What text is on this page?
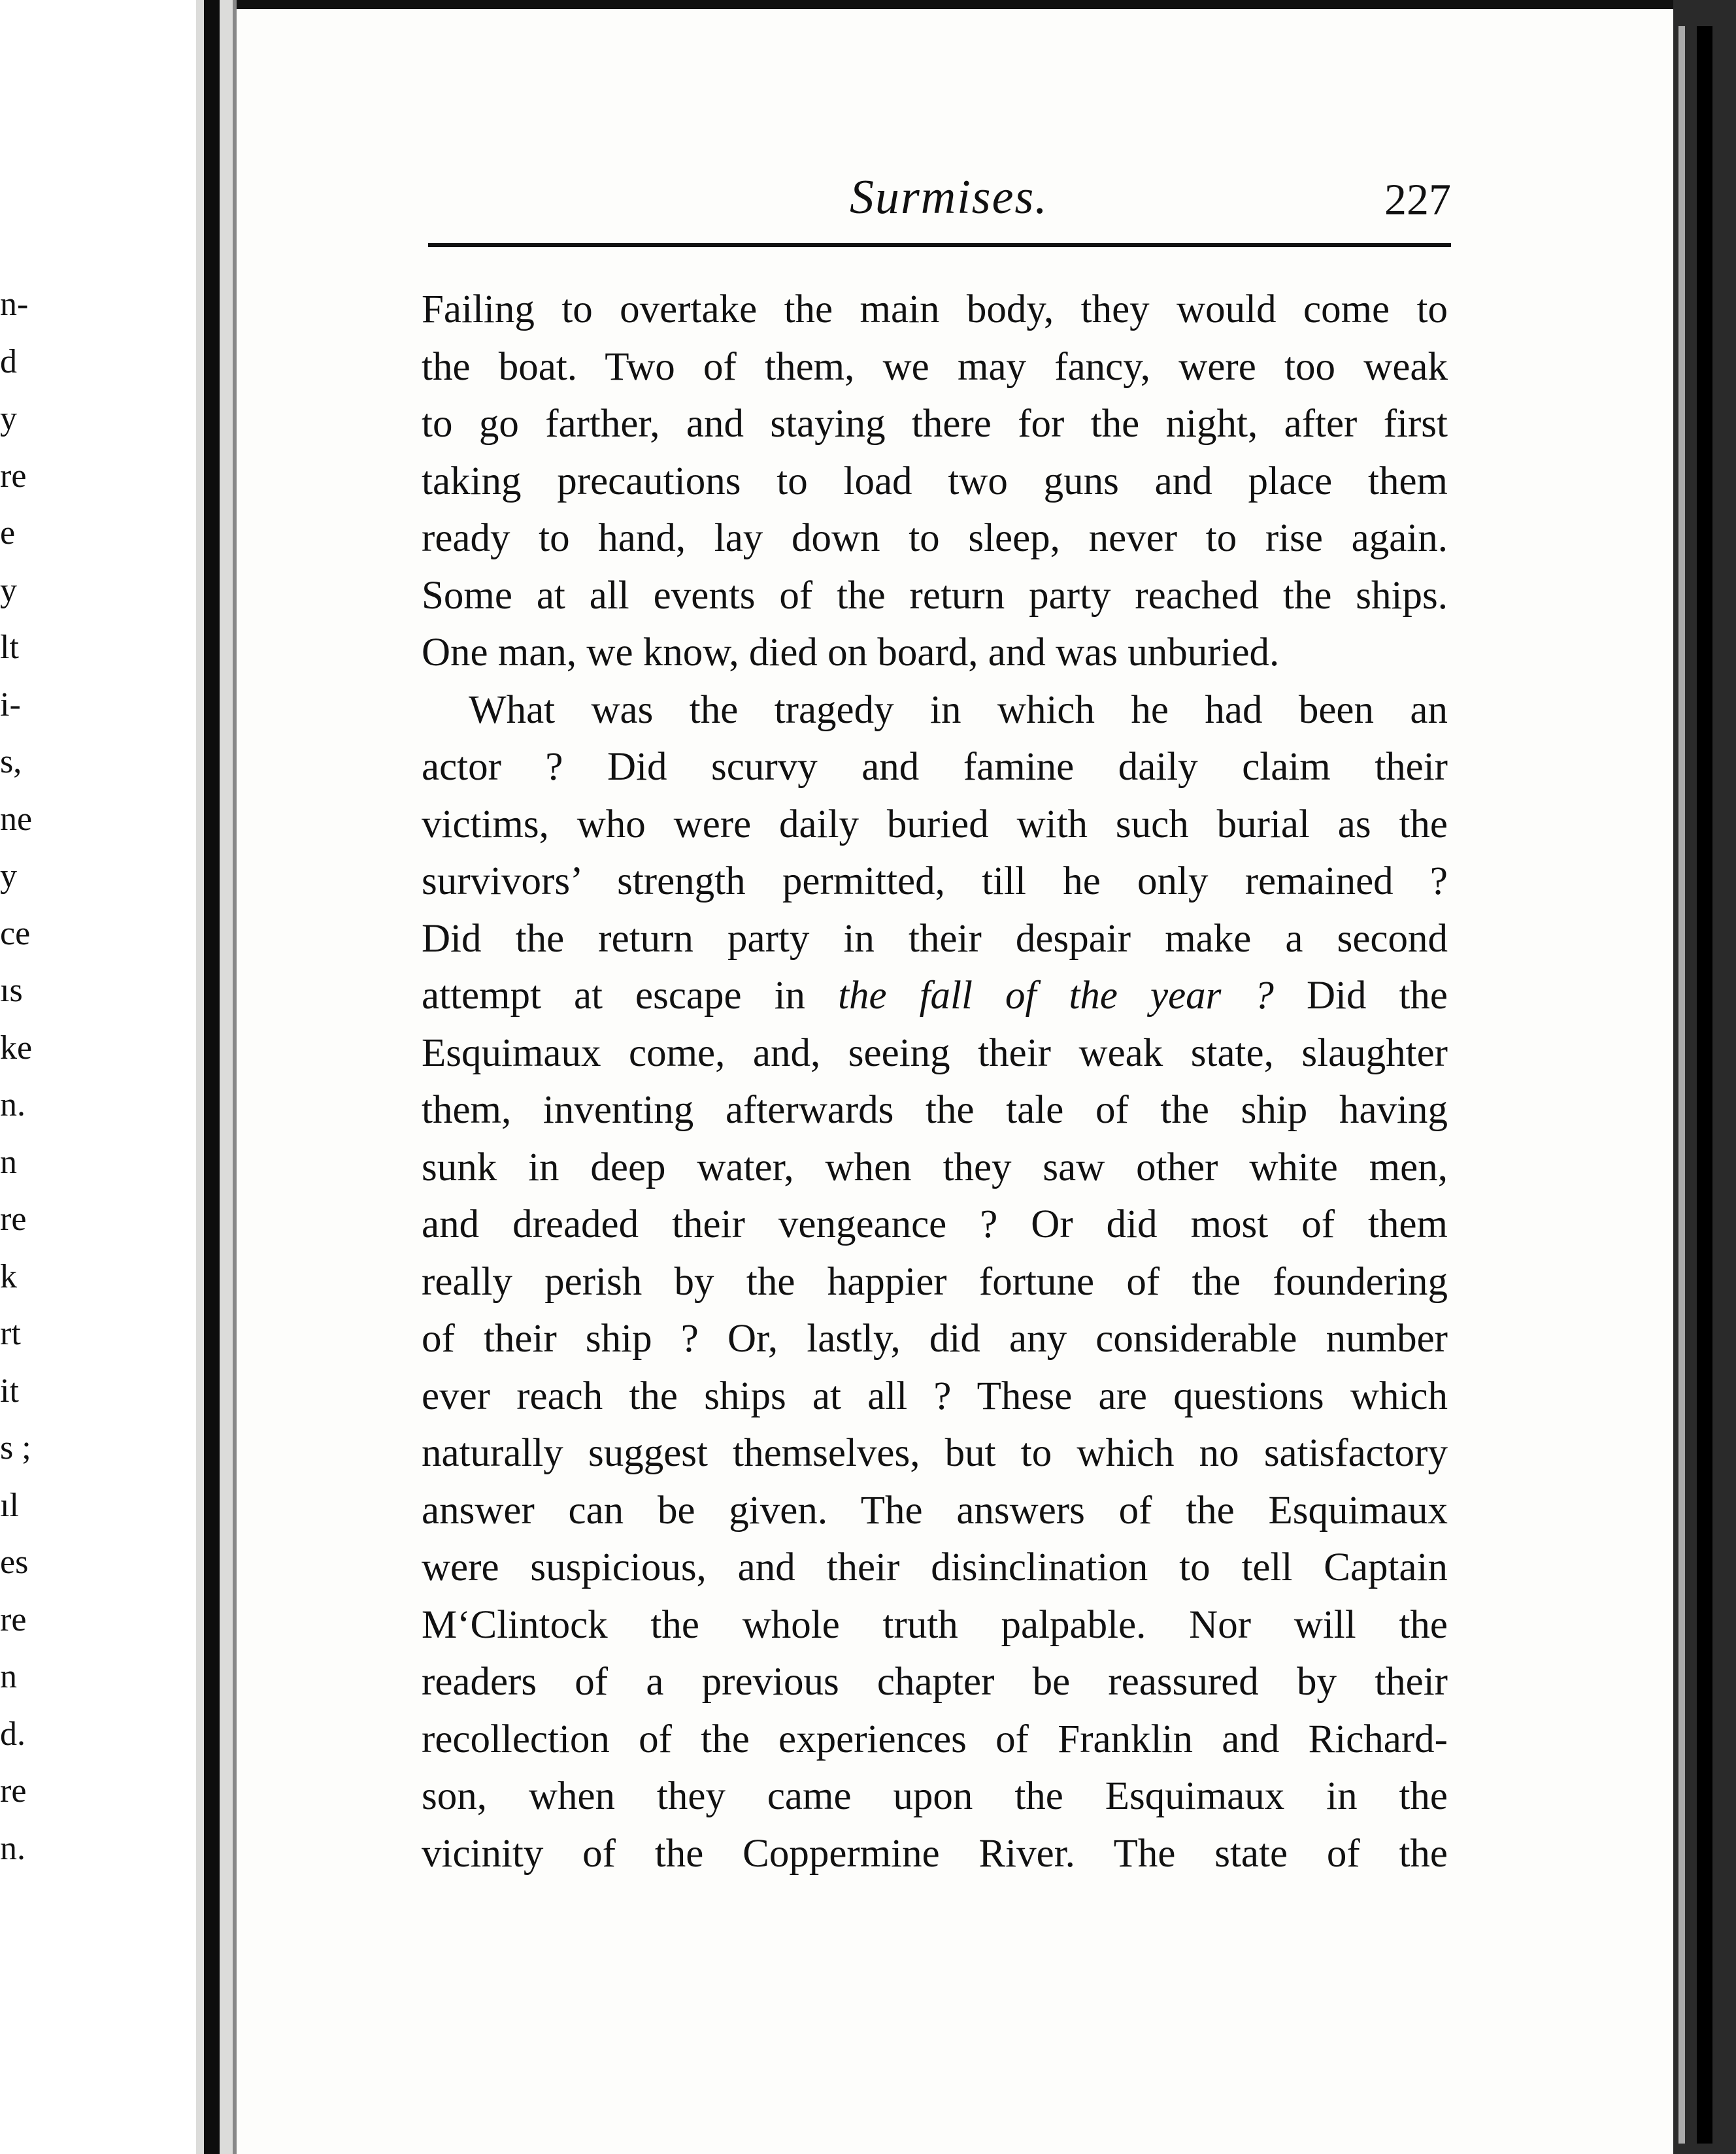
n-
d
y
re
e
y
lt
i-
s,
ne
y
ce
ıs
ke
n.
n
re
k
rt
it
s ;
ıl
es
re
n
d.
re
n.
Surmises.	227
Failing to overtake the main body, they would come to
the boat. Two of them, we may fancy, were too weak
to go farther, and staying there for the night, after first
taking precautions to load two guns and place them
ready to hand, lay down to sleep, never to rise again.
Some at all events of the return party reached the ships.
One man, we know, died on board, and was unburied.
What was the tragedy in which he had been an
actor ? Did scurvy and famine daily claim their
victims, who were daily buried with such burial as the
survivors’ strength permitted, till he only remained ?
Did the return party in their despair make a second
attempt at escape in the fall of the year ? Did the
Esquimaux come, and, seeing their weak state, slaughter
them, inventing afterwards the tale of the ship having
sunk in deep water, when they saw other white men,
and dreaded their vengeance ? Or did most of them
really perish by the happier fortune of the foundering
of their ship ? Or, lastly, did any considerable number
ever reach the ships at all ? These are questions which
naturally suggest themselves, but to which no satisfactory
answer can be given. The answers of the Esquimaux
were suspicious, and their disinclination to tell Captain
M‘Clintock the whole truth palpable. Nor will the
readers of a previous chapter be reassured by their
recollection of the experiences of Franklin and Richard-
son, when they came upon the Esquimaux in the
vicinity of the Coppermine River. The state of the
